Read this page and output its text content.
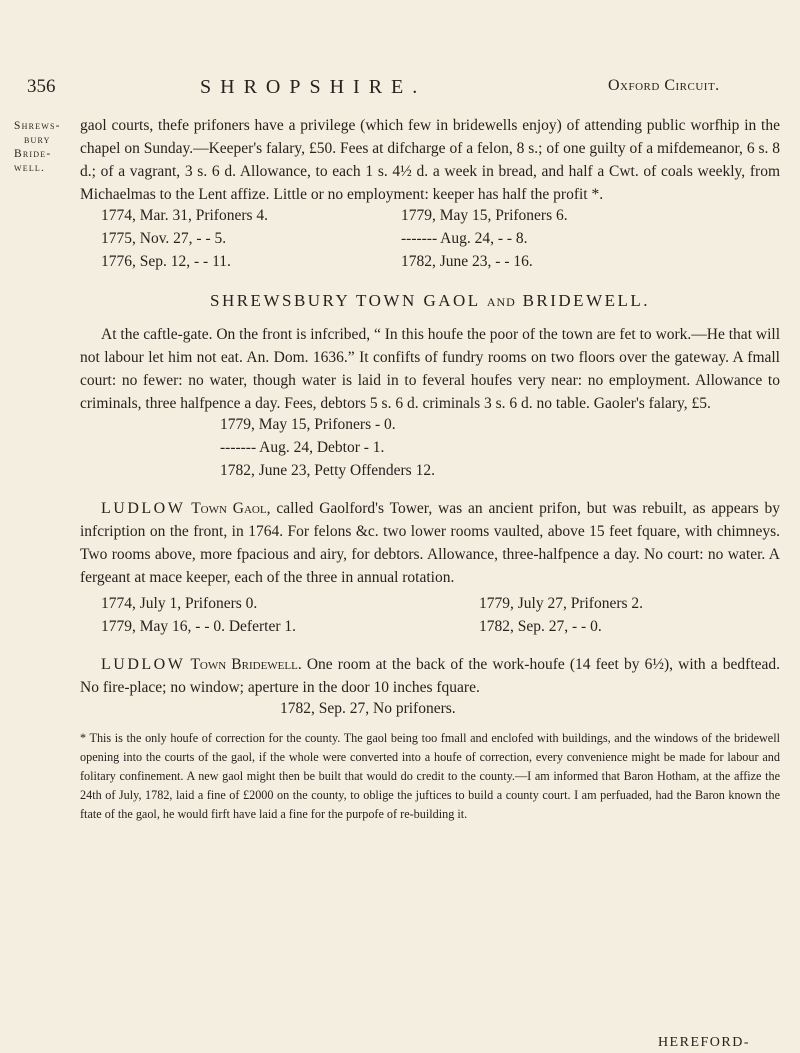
356	SHROPSHIRE.	Oxford Circuit.
Shrews-
bury
Bride-
well.

gaol courts, thefe prifoners have a privilege (which few in bridewells enjoy) of attending public worfhip in the chapel on Sunday.—Keeper's falary, £50. Fees at difcharge of a felon, 8 s.; of one guilty of a mifdemeanor, 6 s. 8 d.; of a vagrant, 3 s. 6 d. Allowance, to each 1 s. 4½ d. a week in bread, and half a Cwt. of coals weekly, from Michaelmas to the Lent affize. Little or no employment: keeper has half the profit *.

1774, Mar. 31, Prifoners 4.	1779, May 15, Prifoners 6.
1775, Nov. 27, - - 5.	------- Aug. 24, - - 8.
1776, Sep. 12, - - 11.	1782, June 23, - - 16.
SHREWSBURY TOWN GAOL AND BRIDEWELL.

At the caftle-gate. On the front is infcribed, “ In this houfe the poor of the town are fet to work.—He that will not labour let him not eat. An. Dom. 1636.” It confifts of fundry rooms on two floors over the gateway. A fmall court: no fewer: no water, though water is laid in to feveral houfes very near: no employment. Allowance to criminals, three halfpence a day. Fees, debtors 5 s. 6 d. criminals 3 s. 6 d. no table. Gaoler's falary, £5.

1779, May 15, Prifoners - 0.
------- Aug. 24, Debtor - 1.
1782, June 23, Petty Offenders 12.

LUDLOW Town Gaol, called Gaolford's Tower, was an ancient prifon, but was rebuilt, as appears by infcription on the front, in 1764. For felons &c. two lower rooms vaulted, above 15 feet fquare, with chimneys. Two rooms above, more fpacious and airy, for debtors. Allowance, three-halfpence a day. No court: no water. A fergeant at mace keeper, each of the three in annual rotation.

1774, July 1, Prifoners 0.	1779, July 27, Prifoners 2.
1779, May 16, - - 0. Deferter 1.	1782, Sep. 27, - - 0.

LUDLOW Town Bridewell. One room at the back of the work-houfe (14 feet by 6½), with a bedftead. No fire-place; no window; aperture in the door 10 inches fquare.

1782, Sep. 27, No prifoners.

* This is the only houfe of correction for the county. The gaol being too fmall and enclofed with buildings, and the windows of the bridewell opening into the courts of the gaol, if the whole were converted into a houfe of correction, every convenience might be made for labour and folitary confinement. A new gaol might then be built that would do credit to the county.—I am informed that Baron Hotham, at the affize the 24th of July, 1782, laid a fine of £2000 on the county, to oblige the juftices to build a county court. I am perfuaded, had the Baron known the ftate of the gaol, he would firft have laid a fine for the purpofe of re-building it.

HEREFORD-
